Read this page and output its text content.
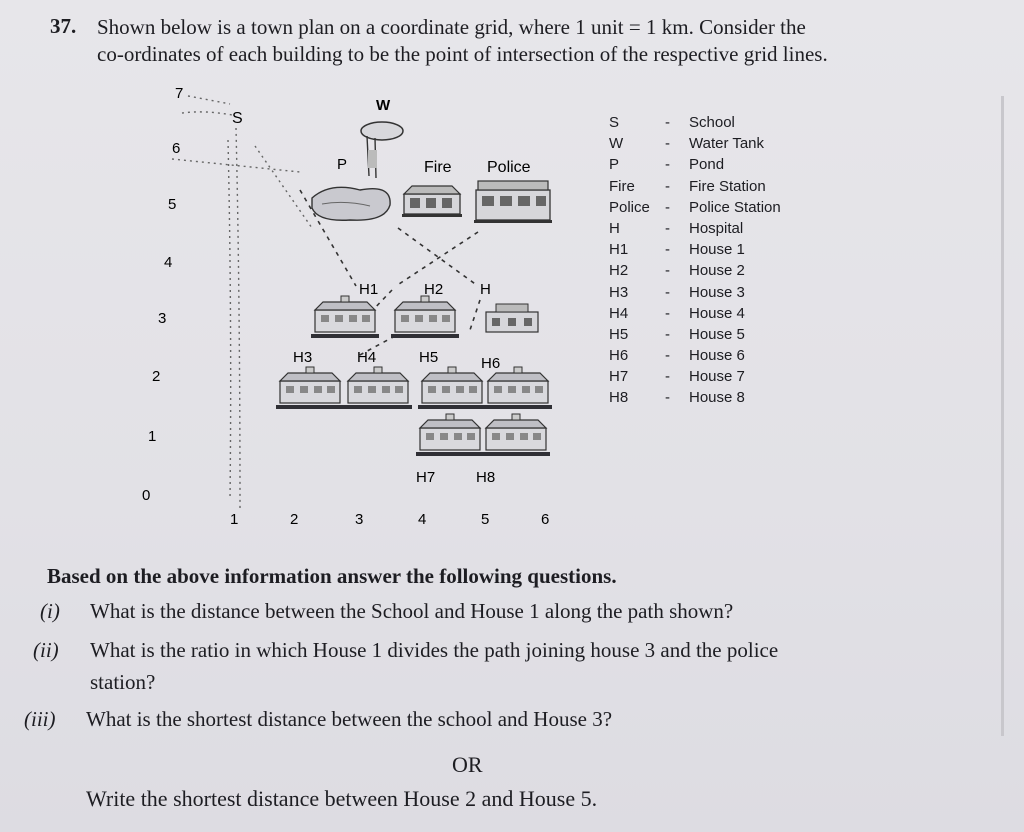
37. Shown below is a town plan on a coordinate grid, where 1 unit = 1 km. Consider the

co-ordinates of each building to be the point of intersection of the respective grid lines.

7
6
5
4
3
2
1
0
1	2	3	4	5	6
S
W
P	Fire Police
H1	H2 H
H3	H4	H5	H6
H7	H8
S	- School
W	- Water Tank
P	- Pond
Fire - Fire Station
Police - Police Station
H	- Hospital
H1 - House 1
H2 - House 2
H3 - House 3
H4 - House 4
H5 - House 5
H6 - House 6
H7 - House 7
H8 - House 8
Based on the above information answer the following questions.
(i) What is the distance between the School and House 1 along the path shown?
(ii) What is the ratio in which House 1 divides the path joining house 3 and the police
station?
(iii) What is the shortest distance between the school and House 3?
OR
Write the shortest distance between House 2 and House 5.
